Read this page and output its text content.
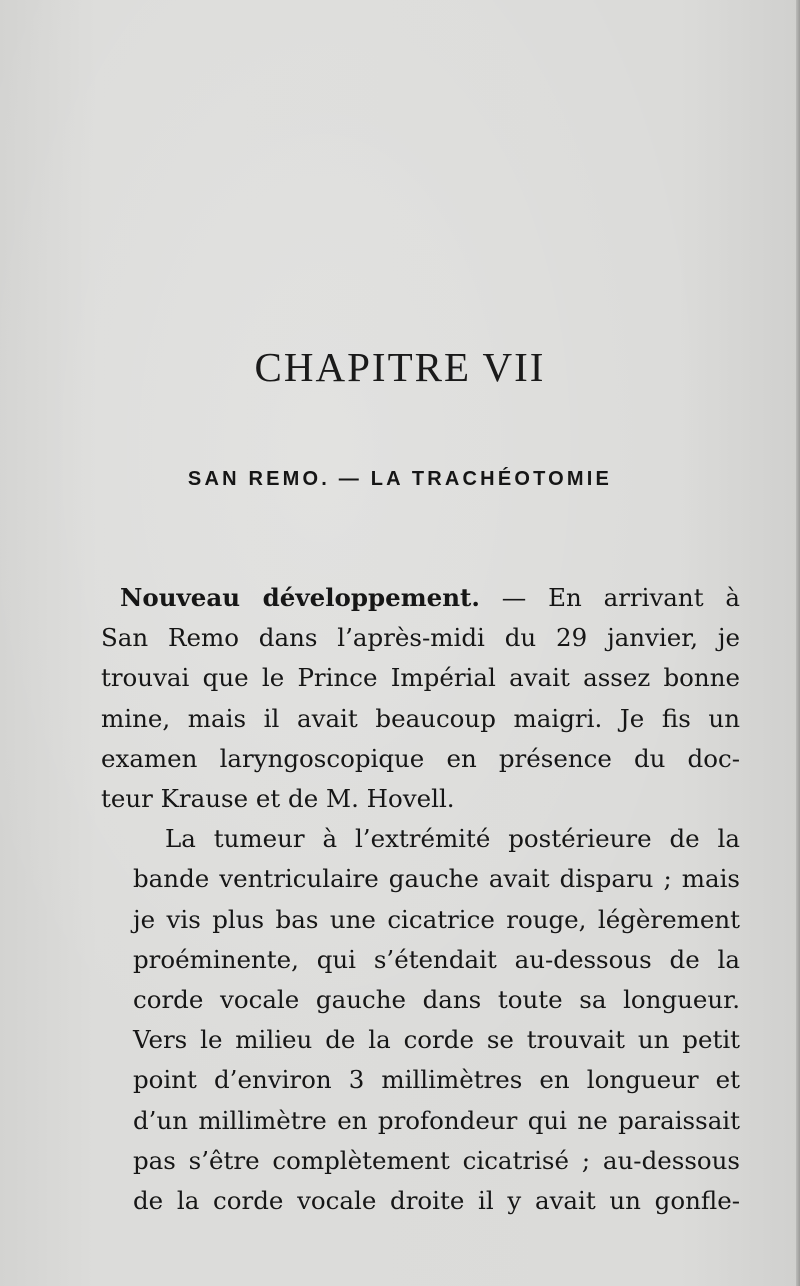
CHAPITRE VII
SAN REMO. — LA TRACHÉOTOMIE
Nouveau développement. — En arrivant à
San Remo dans l’après-midi du 29 janvier, je
trouvai que le Prince Impérial avait assez bonne
mine, mais il avait beaucoup maigri. Je fis un
examen laryngoscopique en présence du doc-
teur Krause et de M. Hovell.
La tumeur à l’extrémité postérieure de la
bande ventriculaire gauche avait disparu ; mais
je vis plus bas une cicatrice rouge, légèrement
proéminente, qui s’étendait au-dessous de la
corde vocale gauche dans toute sa longueur.
Vers le milieu de la corde se trouvait un petit
point d’environ 3 millimètres en longueur et
d’un millimètre en profondeur qui ne paraissait
pas s’être complètement cicatrisé ; au-dessous
de la corde vocale droite il y avait un gonfle-
